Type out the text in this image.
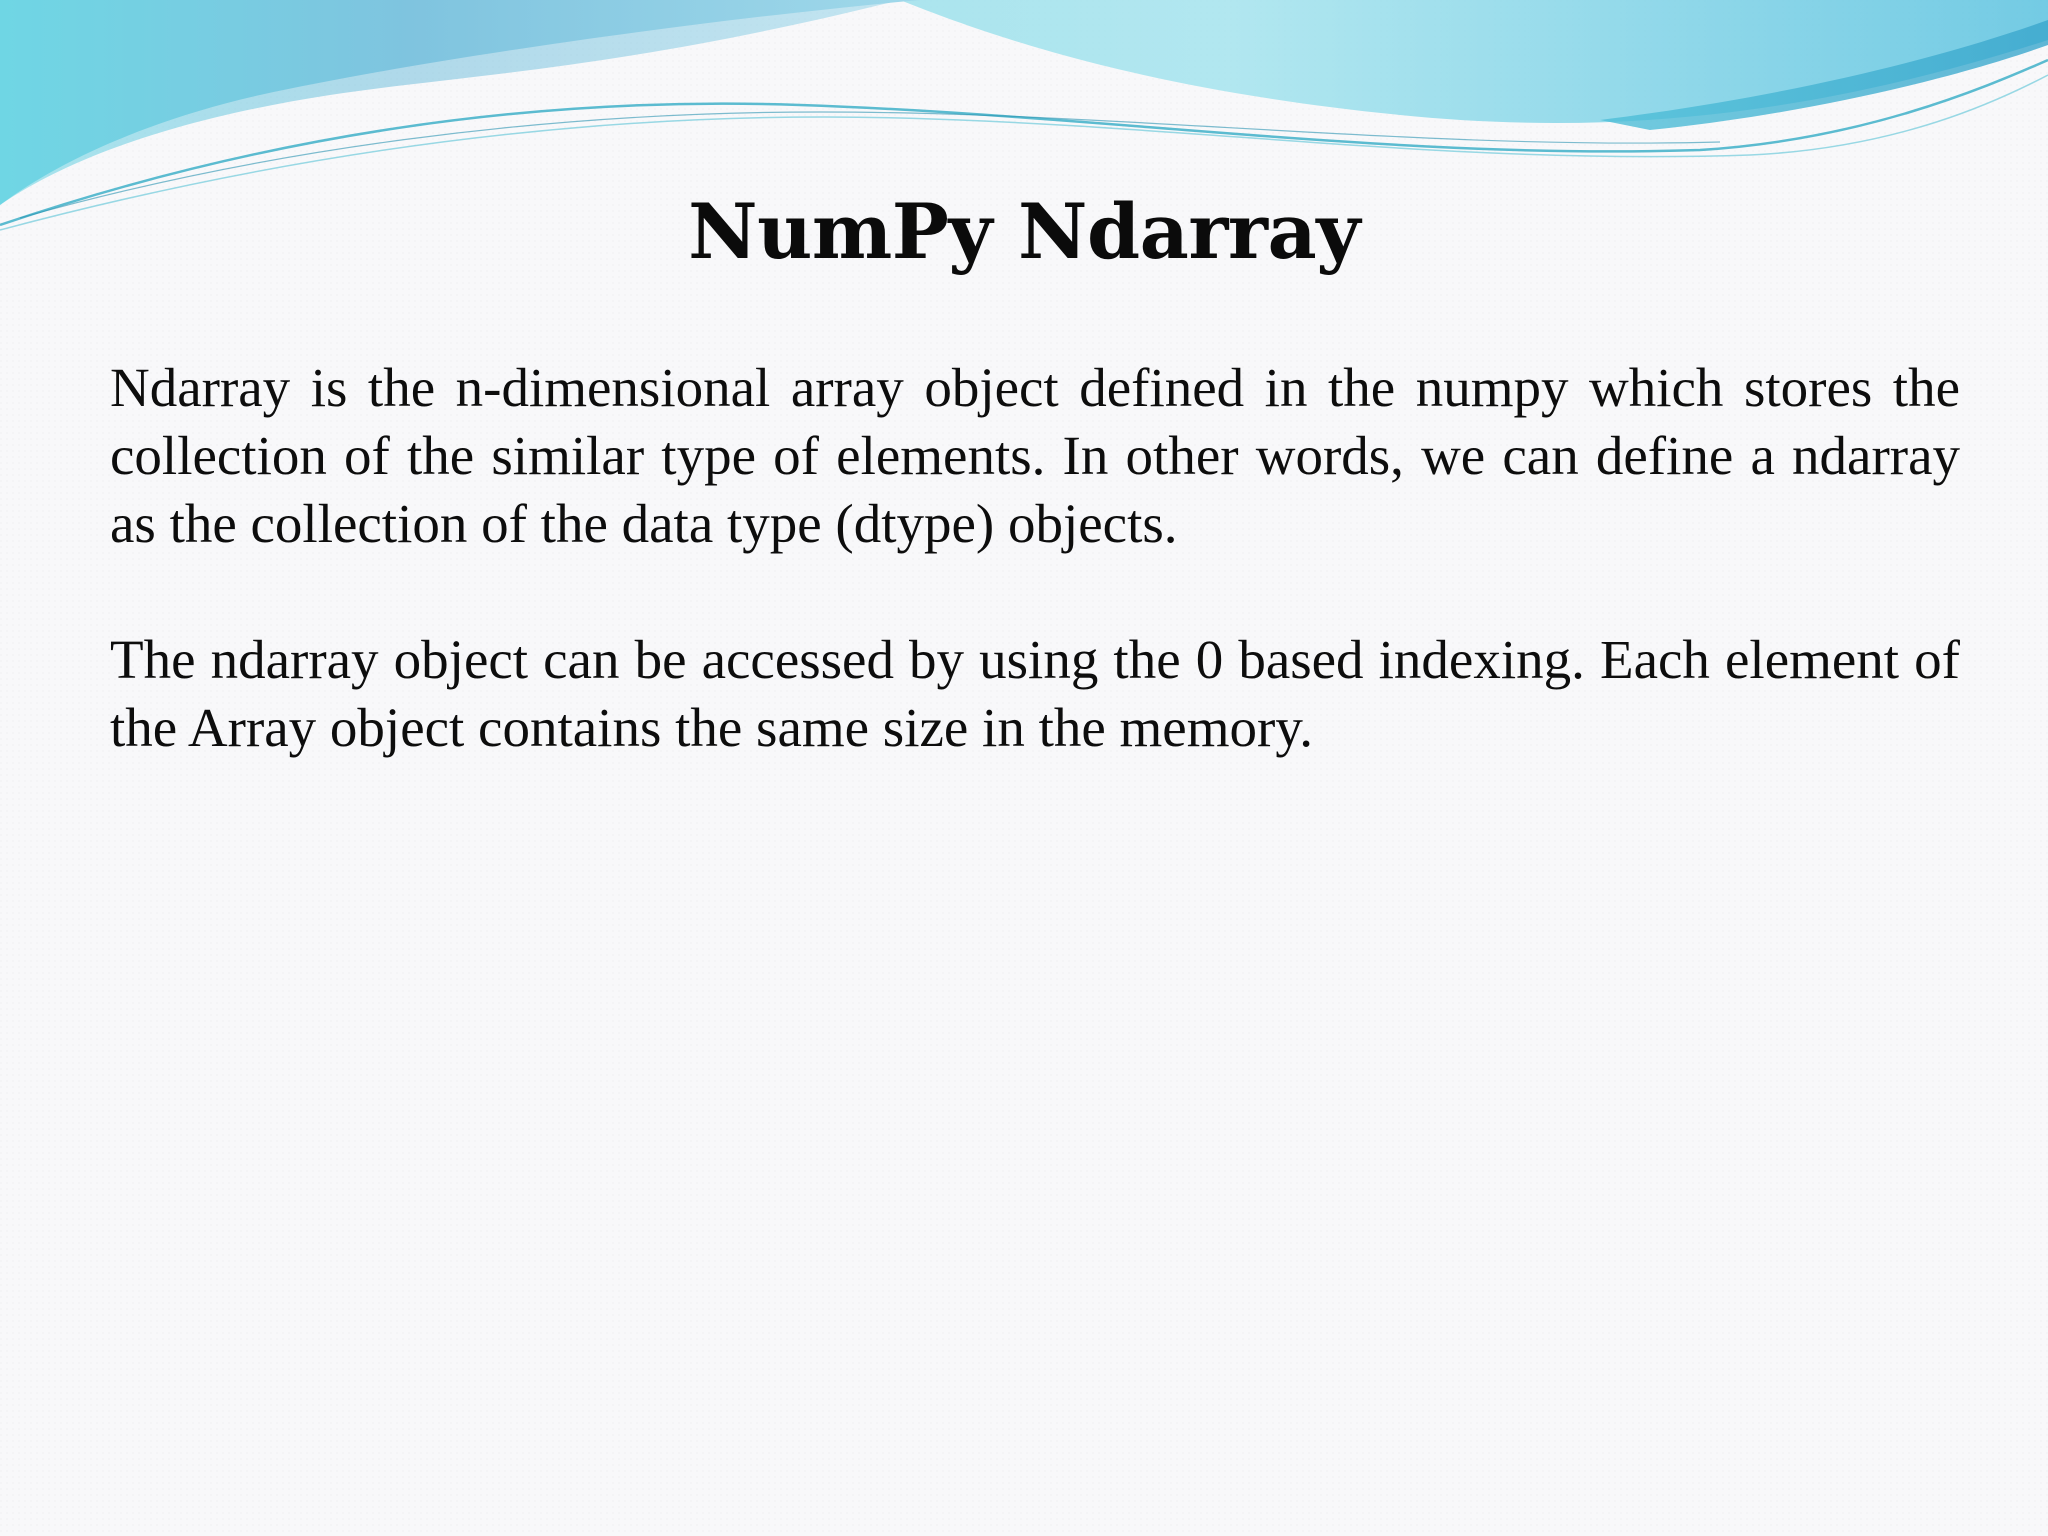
NumPy Ndarray

Ndarray is the n-dimensional array object defined in the numpy which stores the collection of the similar type of elements. In other words, we can define a ndarray as the collection of the data type (dtype) objects.

The ndarray object can be accessed by using the 0 based indexing. Each element of the Array object contains the same size in the memory.
